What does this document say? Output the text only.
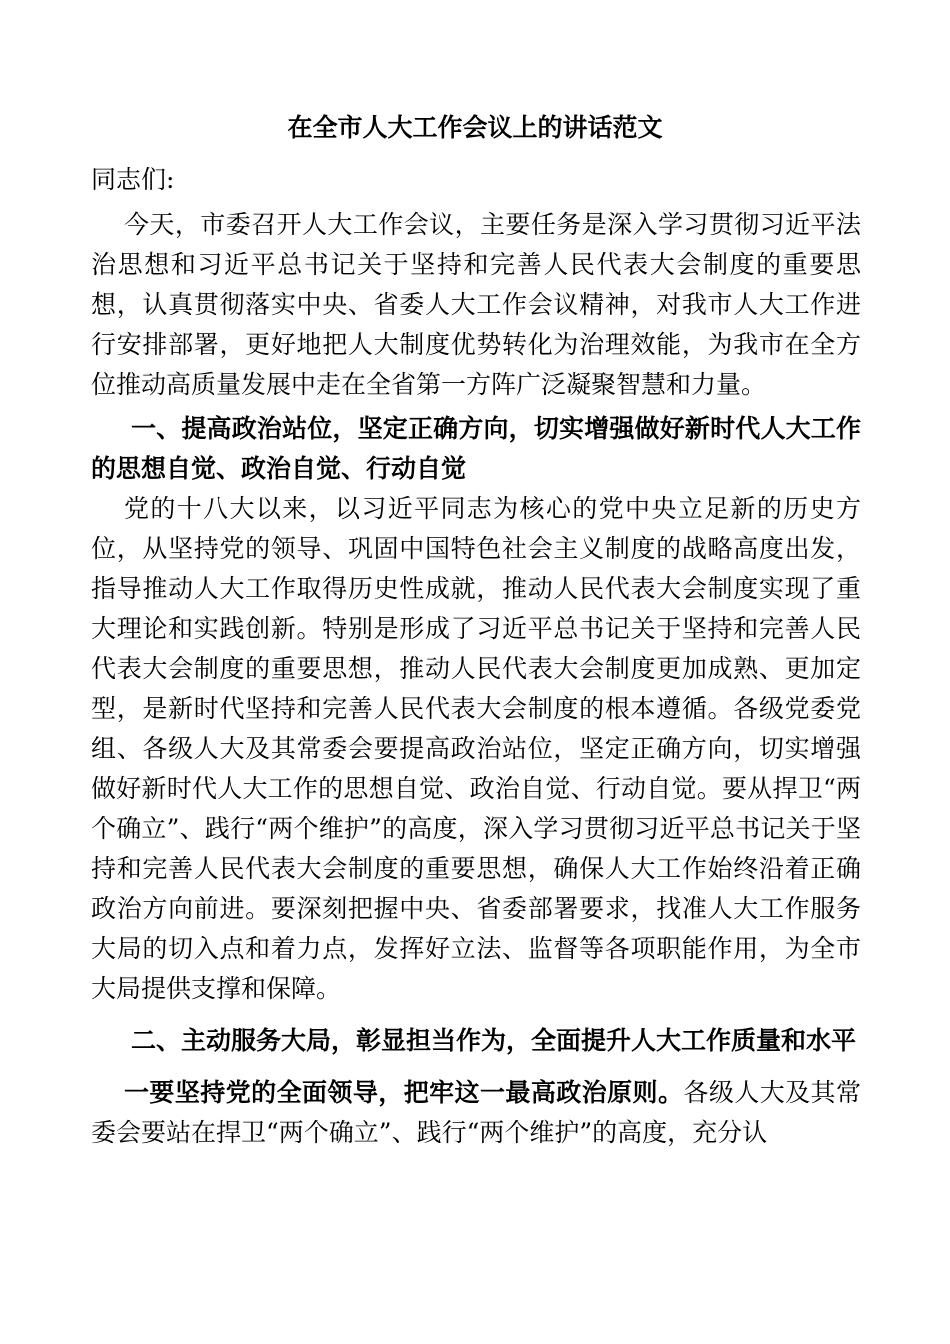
在全市人大工作会议上的讲话范文

同志们:

今天，市委召开人大工作会议，主要任务是深入学习贯彻习近平法治思想和习近平总书记关于坚持和完善人民代表大会制度的重要思想，认真贯彻落实中央、省委人大工作会议精神，对我市人大工作进行安排部署，更好地把人大制度优势转化为治理效能，为我市在全方位推动高质量发展中走在全省第一方阵广泛凝聚智慧和力量。

一、提高政治站位，坚定正确方向，切实增强做好新时代人大工作的思想自觉、政治自觉、行动自觉

党的十八大以来，以习近平同志为核心的党中央立足新的历史方位，从坚持党的领导、巩固中国特色社会主义制度的战略高度出发，指导推动人大工作取得历史性成就，推动人民代表大会制度实现了重大理论和实践创新。特别是形成了习近平总书记关于坚持和完善人民代表大会制度的重要思想，推动人民代表大会制度更加成熟、更加定型，是新时代坚持和完善人民代表大会制度的根本遵循。各级党委党组、各级人大及其常委会要提高政治站位，坚定正确方向，切实增强做好新时代人大工作的思想自觉、政治自觉、行动自觉。要从捍卫“两个确立”、践行“两个维护”的高度，深入学习贯彻习近平总书记关于坚持和完善人民代表大会制度的重要思想，确保人大工作始终沿着正确政治方向前进。要深刻把握中央、省委部署要求，找准人大工作服务大局的切入点和着力点，发挥好立法、监督等各项职能作用，为全市大局提供支撑和保障。

二、主动服务大局，彰显担当作为，全面提升人大工作质量和水平

一要坚持党的全面领导，把牢这一最高政治原则。各级人大及其常委会要站在捍卫“两个确立”、践行“两个维护”的高度，充分认
